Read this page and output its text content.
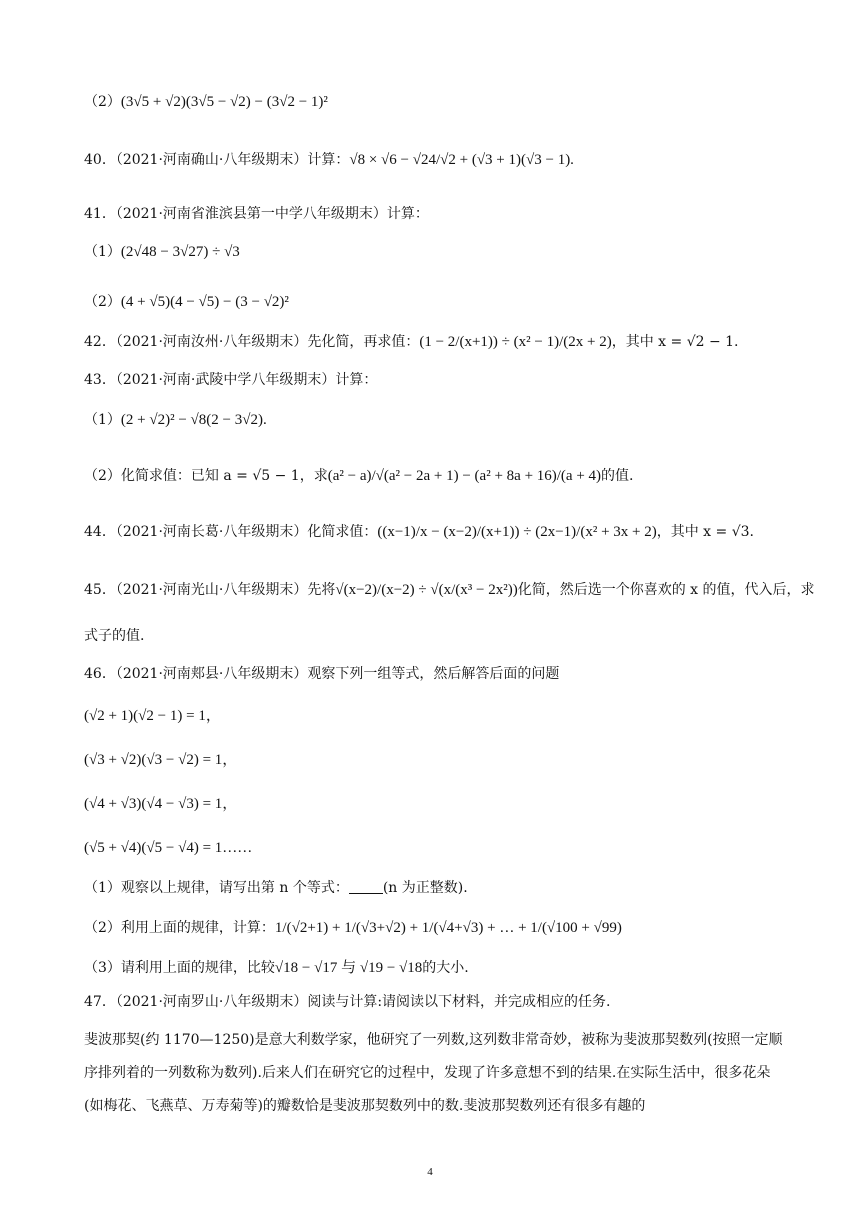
（2）(3√5 + √2)(3√5 − √2) − (3√2 − 1)²
40．（2021·河南确山·八年级期末）计算：√8 × √6 − √24/√2 + (√3 + 1)(√3 − 1).
41．（2021·河南省淮滨县第一中学八年级期末）计算：
（1）(2√48 − 3√27) ÷ √3
（2）(4 + √5)(4 − √5) − (3 − √2)²
42．（2021·河南汝州·八年级期末）先化简，再求值：(1 − 2/(x+1)) ÷ (x² − 1)/(2x + 2)，其中 x = √2 − 1.
43．（2021·河南·武陵中学八年级期末）计算：
（1）(2 + √2)² − √8(2 − 3√2).
（2）化简求值：已知 a = √5 − 1，求(a² − a)/√(a² − 2a + 1) − (a² + 8a + 16)/(a + 4)的值.
44．（2021·河南长葛·八年级期末）化简求值：((x−1)/x − (x−2)/(x+1)) ÷ (2x−1)/(x² + 3x + 2)，其中 x = √3.
45．（2021·河南光山·八年级期末）先将√(x−2)/(x−2) ÷ √(x/(x³ − 2x²))化简，然后选一个你喜欢的 x 的值，代入后，求
式子的值.
46．（2021·河南郏县·八年级期末）观察下列一组等式，然后解答后面的问题
(√2 + 1)(√2 − 1) = 1，
(√3 + √2)(√3 − √2) = 1，
(√4 + √3)(√4 − √3) = 1，
(√5 + √4)(√5 − √4) = 1……
（1）观察以上规律，请写出第 n 个等式： (n 为正整数).
（2）利用上面的规律，计算：1/(√2+1) + 1/(√3+√2) + 1/(√4+√3) + … + 1/(√100 + √99)
（3）请利用上面的规律，比较√18 − √17 与 √19 − √18的大小.
47．（2021·河南罗山·八年级期末）阅读与计算:请阅读以下材料，并完成相应的任务.
斐波那契(约 1170—1250)是意大利数学家，他研究了一列数,这列数非常奇妙，被称为斐波那契数列(按照一定顺序排列着的一列数称为数列).后来人们在研究它的过程中，发现了许多意想不到的结果.在实际生活中，很多花朵(如梅花、飞燕草、万寿菊等)的瓣数恰是斐波那契数列中的数.斐波那契数列还有很多有趣的
4
